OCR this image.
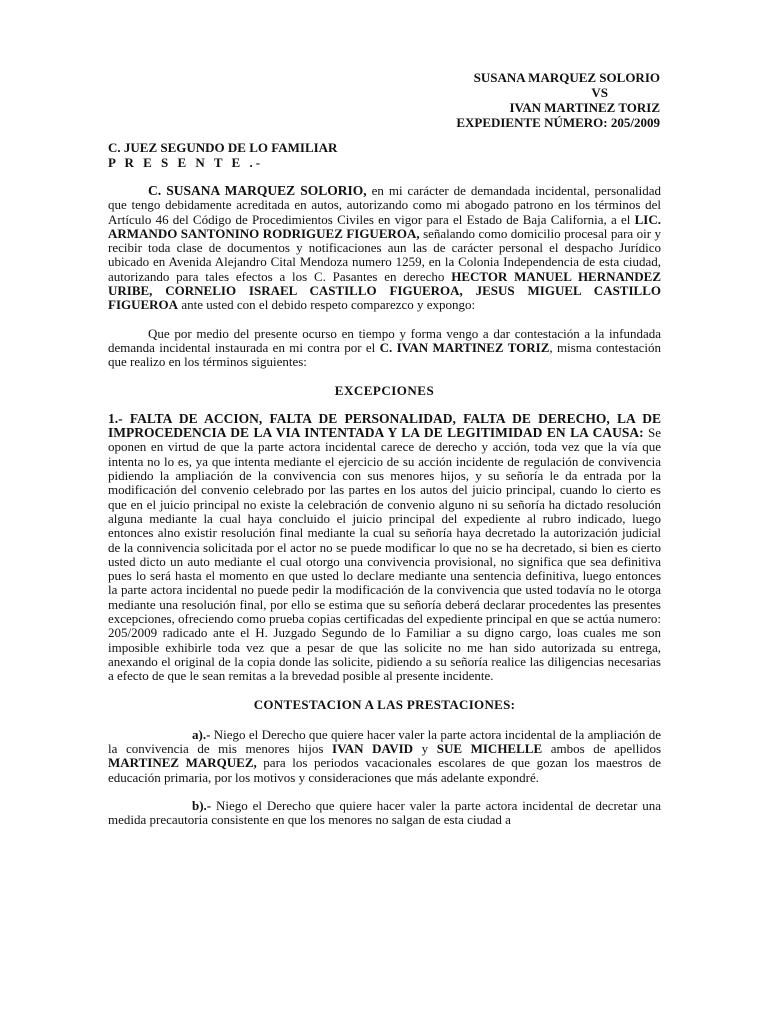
SUSANA MARQUEZ SOLORIO
VS
IVAN MARTINEZ TORIZ
EXPEDIENTE NÚMERO: 205/2009
C. JUEZ SEGUNDO DE LO FAMILIAR
P R E S E N T E .-

C. SUSANA MARQUEZ SOLORIO, en mi carácter de demandada incidental, personalidad que tengo debidamente acreditada en autos, autorizando como mi abogado patrono en los términos del Artículo 46 del Código de Procedimientos Civiles en vigor para el Estado de Baja California, a el LIC. ARMANDO SANTONINO RODRIGUEZ FIGUEROA, señalando como domicilio procesal para oir y recibir toda clase de documentos y notificaciones aun las de carácter personal el despacho Jurídico ubicado en Avenida Alejandro Cital Mendoza numero 1259, en la Colonia Independencia de esta ciudad, autorizando para tales efectos a los C. Pasantes en derecho HECTOR MANUEL HERNANDEZ URIBE, CORNELIO ISRAEL CASTILLO FIGUEROA, JESUS MIGUEL CASTILLO FIGUEROA ante usted con el debido respeto comparezco y expongo:

Que por medio del presente ocurso en tiempo y forma vengo a dar contestación a la infundada demanda incidental instaurada en mi contra por el C. IVAN MARTINEZ TORIZ, misma contestación que realizo en los términos siguientes:

EXCEPCIONES

1.- FALTA DE ACCION, FALTA DE PERSONALIDAD, FALTA DE DERECHO, LA DE IMPROCEDENCIA DE LA VIA INTENTADA Y LA DE LEGITIMIDAD EN LA CAUSA: Se oponen en virtud de que la parte actora incidental carece de derecho y acción, toda vez que la vía que intenta no lo es, ya que intenta mediante el ejercicio de su acción incidente de regulación de convivencia pidiendo la ampliación de la convivencia con sus menores hijos, y su señoría le da entrada por la modificación del convenio celebrado por las partes en los autos del juicio principal, cuando lo cierto es que en el juicio principal no existe la celebración de convenio alguno ni su señoría ha dictado resolución alguna mediante la cual haya concluido el juicio principal del expediente al rubro indicado, luego entonces alno existir resolución final mediante la cual su señoría haya decretado la autorización judicial de la connivencia solicitada por el actor no se puede modificar lo que no se ha decretado, si bien es cierto usted dicto un auto mediante el cual otorgo una convivencia provisional, no significa que sea definitiva pues lo será hasta el momento en que usted lo declare mediante una sentencia definitiva, luego entonces la parte actora incidental no puede pedir la modificación de la convivencia que usted todavía no le otorga mediante una resolución final, por ello se estima que su señoría deberá declarar procedentes las presentes excepciones, ofreciendo como prueba copias certificadas del expediente principal en que se actúa numero: 205/2009 radicado ante el H. Juzgado Segundo de lo Familiar a su digno cargo, loas cuales me son imposible exhibirle toda vez que a pesar de que las solicite no me han sido autorizada su entrega, anexando el original de la copia donde las solicite, pidiendo a su señoría realice las diligencias necesarias a efecto de que le sean remitas a la brevedad posible al presente incidente.

CONTESTACION A LAS PRESTACIONES:

a).- Niego el Derecho que quiere hacer valer la parte actora incidental de la ampliación de la convivencia de mis menores hijos IVAN DAVID y SUE MICHELLE ambos de apellidos MARTINEZ MARQUEZ, para los periodos vacacionales escolares de que gozan los maestros de educación primaria, por los motivos y consideraciones que más adelante expondré.

b).- Niego el Derecho que quiere hacer valer la parte actora incidental de decretar una medida precautoria consistente en que los menores no salgan de esta ciudad a
